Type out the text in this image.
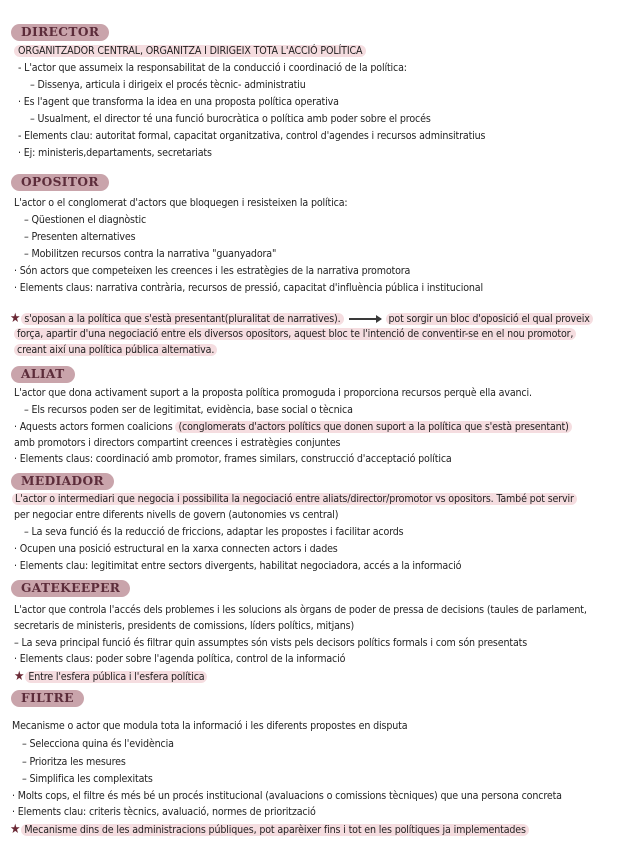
DIRECTOR
ORGANITZADOR CENTRAL, ORGANITZA I DIRIGEIX TOTA L'ACCIÓ POLÍTICA
- L'actor que assumeix la responsabilitat de la conducció i coordinació de la política:
– Dissenya, articula i dirigeix el procés tècnic- administratiu
· Es l'agent que transforma la idea en una proposta política operativa
– Usualment, el director té una funció burocràtica o política amb poder sobre el procés
- Elements clau: autoritat formal, capacitat organitzativa, control d'agendes i recursos adminsitratius
· Ej: ministeris,departaments, secretariats
OPOSITOR
L'actor o el conglomerat d'actors que bloquegen i resisteixen la política:
– Qüestionen el diagnòstic
– Presenten alternatives
– Mobilitzen recursos contra la narrativa "guanyadora"
· Són actors que competeixen les creences i les estratègies de la narrativa promotora
· Elements claus: narrativa contrària, recursos de pressió, capacitat d'influència pública i institucional
★ s'oposan a la política que s'està presentant(pluralitat de narratives).	pot sorgir un bloc d'oposició el qual proveix
força, apartir d'una negociació entre els diversos opositors, aquest bloc te l'intenció de conventir-se en el nou promotor,
creant així una política pública alternativa.
ALIAT
L'actor que dona activament suport a la proposta política promoguda i proporciona recursos perquè ella avanci.
– Els recursos poden ser de legitimitat, evidència, base social o tècnica
· Aquests actors formen coalicions (conglomerats d'actors polítics que donen suport a la política que s'està presentant)
amb promotors i directors compartint creences i estratègies conjuntes
· Elements claus: coordinació amb promotor, frames similars, construcció d'acceptació política
MEDIADOR
L'actor o intermediari que negocia i possibilita la negociació entre aliats/director/promotor vs opositors. També pot servir
per negociar entre diferents nivells de govern (autonomies vs central)
– La seva funció és la reducció de friccions, adaptar les propostes i facilitar acords
· Ocupen una posició estructural en la xarxa connecten actors i dades
· Elements clau: legitimitat entre sectors divergents, habilitat negociadora, accés a la informació
GATEKEEPER
L'actor que controla l'accés dels problemes i les solucions als òrgans de poder de pressa de decisions (taules de parlament,
secretaris de ministeris, presidents de comissions, líders polítics, mitjans)
– La seva principal funció és filtrar quin assumptes són vists pels decisors polítics formals i com són presentats
· Elements claus: poder sobre l'agenda política, control de la informació
★ Entre l'esfera pública i l'esfera política
FILTRE
Mecanisme o actor que modula tota la informació i les diferents propostes en disputa
– Selecciona quina és l'evidència
– Prioritza les mesures
– Simplifica les complexitats
· Molts cops, el filtre és més bé un procés institucional (avaluacions o comissions tècniques) que una persona concreta
· Elements clau: criteris tècnics, avaluació, normes de priorització
★ Mecanisme dins de les administracions públiques, pot aparèixer fins i tot en les polítiques ja implementades
